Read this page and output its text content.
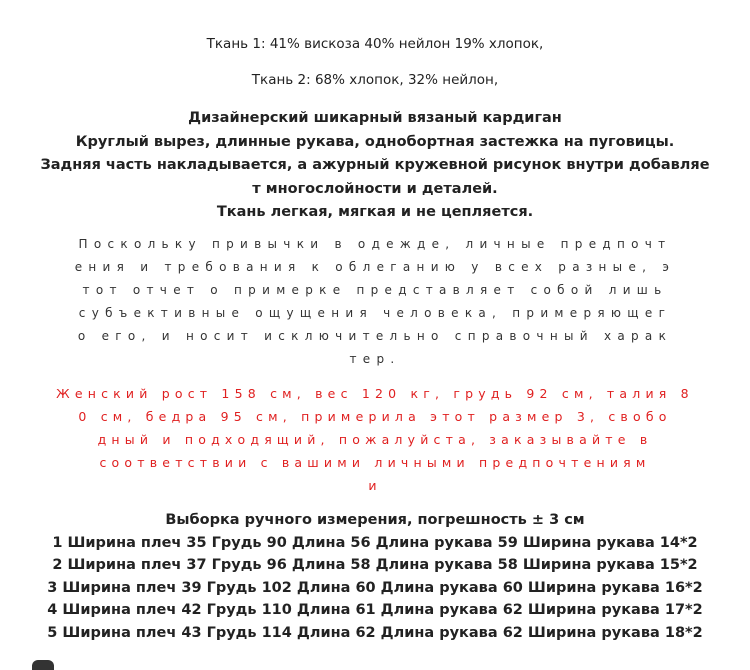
Ткань 1: 41% вискоза 40% нейлон 19% хлопок,
Ткань 2: 68% хлопок, 32% нейлон,
Дизайнерский шикарный вязаный кардиган
Круглый вырез, длинные рукава, однобортная застежка на пуговицы.
Задняя часть накладывается, а ажурный кружевной рисунок внутри добавляе
т многослойности и деталей.
Ткань легкая, мягкая и не цепляется.
Поскольку привычки в одежде, личные предпочт
ения и требования к облеганию у всех разные, э
тот отчет о примерке представляет собой лишь
субъективные ощущения человека, примеряющег
о его, и носит исключительно справочный харак
тер.
Женский рост 158 см, вес 120 кг, грудь 92 см, талия 8
0 см, бедра 95 см, примерила этот размер 3, свобо
дный и подходящий, пожалуйста, заказывайте в
соответствии с вашими личными предпочтениям
и
Выборка ручного измерения, погрешность ± 3 см
1 Ширина плеч 35 Грудь 90 Длина 56 Длина рукава 59 Ширина рукава 14*2
2 Ширина плеч 37 Грудь 96 Длина 58 Длина рукава 58 Ширина рукава 15*2
3 Ширина плеч 39 Грудь 102 Длина 60 Длина рукава 60 Ширина рукава 16*2
4 Ширина плеч 42 Грудь 110 Длина 61 Длина рукава 62 Ширина рукава 17*2
5 Ширина плеч 43 Грудь 114 Длина 62 Длина рукава 62 Ширина рукава 18*2
